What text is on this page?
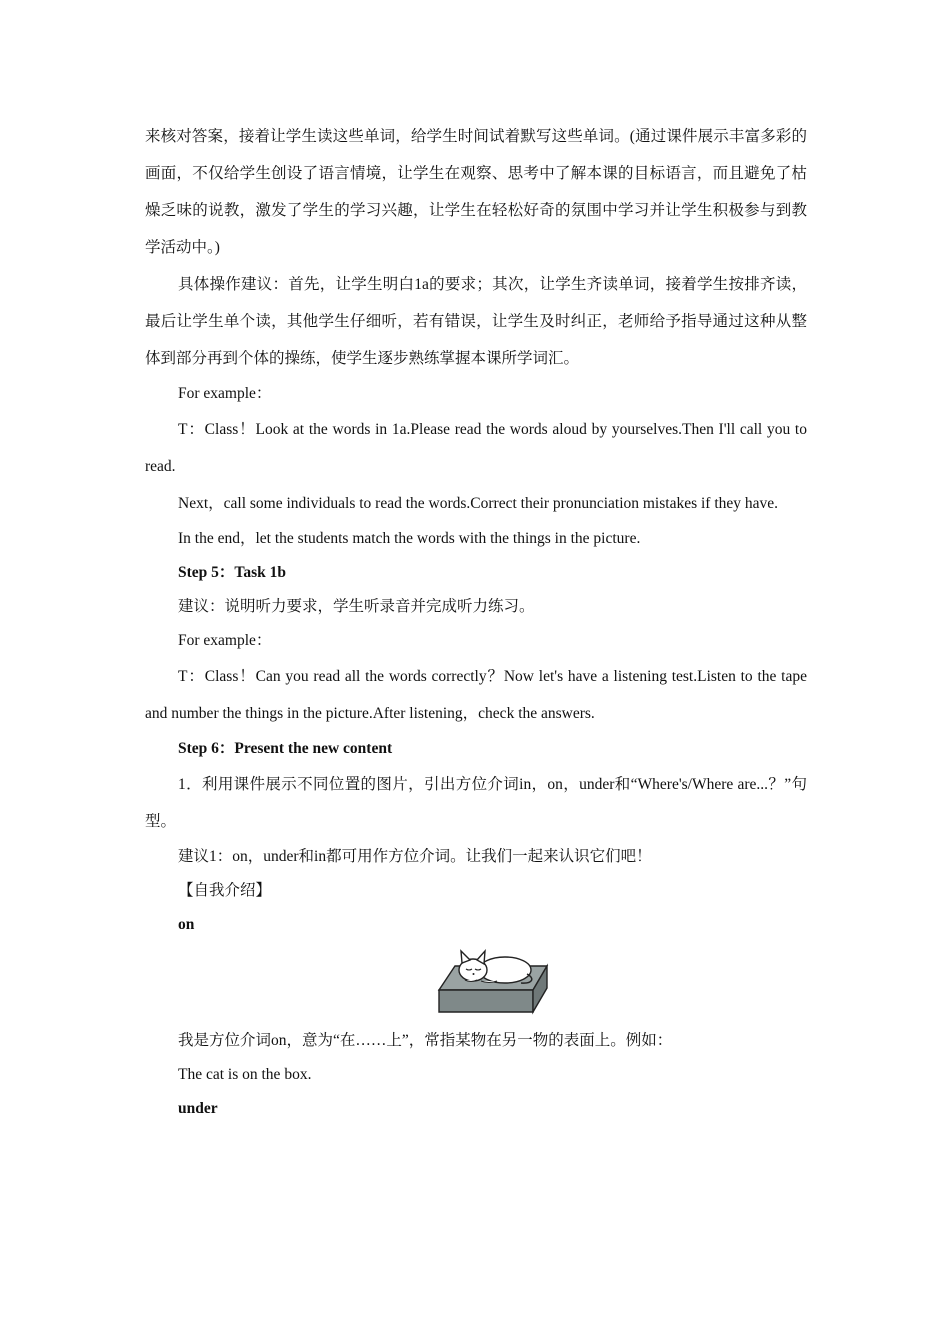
来核对答案，接着让学生读这些单词，给学生时间试着默写这些单词。(通过课件展示丰富多彩的画面，不仅给学生创设了语言情境，让学生在观察、思考中了解本课的目标语言，而且避免了枯燥乏味的说教，激发了学生的学习兴趣，让学生在轻松好奇的氛围中学习并让学生积极参与到教学活动中。)

具体操作建议：首先，让学生明白1a的要求；其次，让学生齐读单词，接着学生按排齐读，最后让学生单个读，其他学生仔细听，若有错误，让学生及时纠正，老师给予指导通过这种从整体到部分再到个体的操练，使学生逐步熟练掌握本课所学词汇。

For example：

T：Class！Look at the words in 1a.Please read the words aloud by yourselves.Then I'll call you to read.

Next，call some individuals to read the words.Correct their pronunciation mistakes if they have.

In the end，let the students match the words with the things in the picture.

Step 5：Task 1b

建议：说明听力要求，学生听录音并完成听力练习。

For example：

T：Class！Can you read all the words correctly？Now let's have a listening test.Listen to the tape and number the things in the picture.After listening，check the answers.

Step 6：Present the new content

1．利用课件展示不同位置的图片，引出方位介词in，on，under和“Where's/Where are...？”句型。

建议1：on，under和in都可用作方位介词。让我们一起来认识它们吧！

【自我介绍】

on

我是方位介词on，意为“在……上”，常指某物在另一物的表面上。例如：

The cat is on the box.

under
